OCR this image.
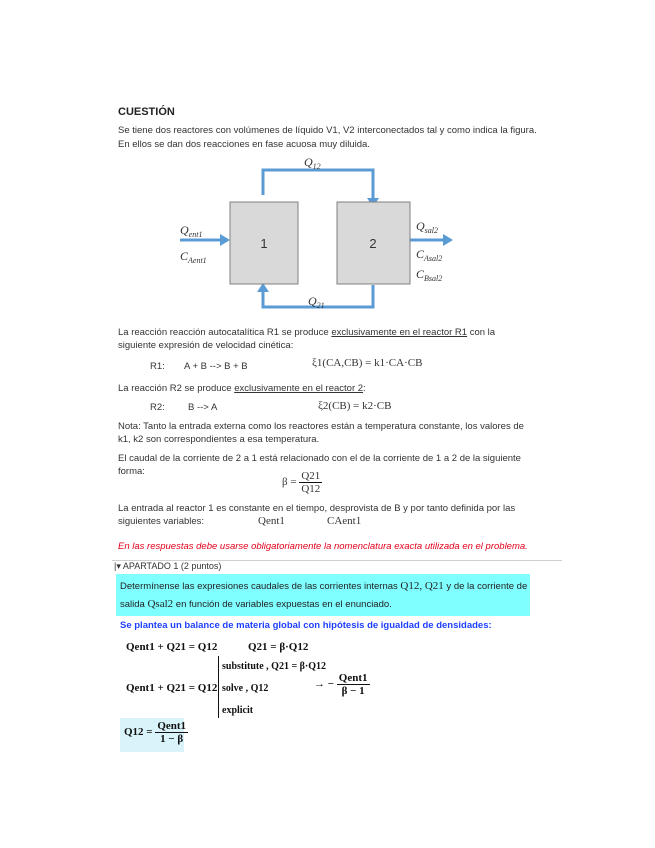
CUESTIÓN
Se tiene dos reactores con volúmenes de líquido V1, V2 interconectados tal y como indica la figura.
En ellos se dan dos reacciones en fase acuosa muy diluida.
1	2
$Q_{12}$
$Q_{21}$
$Q_{ent1}$
$C_{Aent1}$
$Q_{sal2}$
$C_{Asal2}$
$C_{Bsal2}$
La reacción reacción autocatalítica R1 se produce exclusivamente en el reactor R1 con la
siguiente expresión de velocidad cinética:
R1: A + B --> B + B	ξ1(CA,CB) = k1·CA·CB
La reacción R2 se produce exclusivamente en el reactor 2:
R2: B --> A	ξ2(CB) = k2·CB
Nota: Tanto la entrada externa como los reactores están a temperatura constante, los valores de
k1, k2 son correspondientes a esa temperatura.
El caudal de la corriente de 2 a 1 está relacionado con el de la corriente de 1 a 2 de la siguiente
forma:
$\beta = \frac{Q21}{Q12}$
La entrada al reactor 1 es constante en el tiempo, desprovista de B y por tanto definida por las
siguientes variables:	Qent1	CAent1
En las respuestas debe usarse obligatoriamente la nomenclatura exacta utilizada en el problema.
|▾ APARTADO 1 (2 puntos)
Determínense las expresiones caudales de las corrientes internas Q12, Q21 y de la corriente de
salida Qsal2 en función de variables expuestas en el enunciado.
Se plantea un balance de materia global con hipótesis de igualdad de densidades:
Qent1 + Q21 = Q12	Q21 = β·Q12
Qent1 + Q21 = Q12
substitute , Q21 = β·Q12
solve , Q12
explicit
→ − $\frac{\text{Qent1}}{\beta - 1}$
$Q12 = \frac{\text{Qent1}}{1 - \beta}$
